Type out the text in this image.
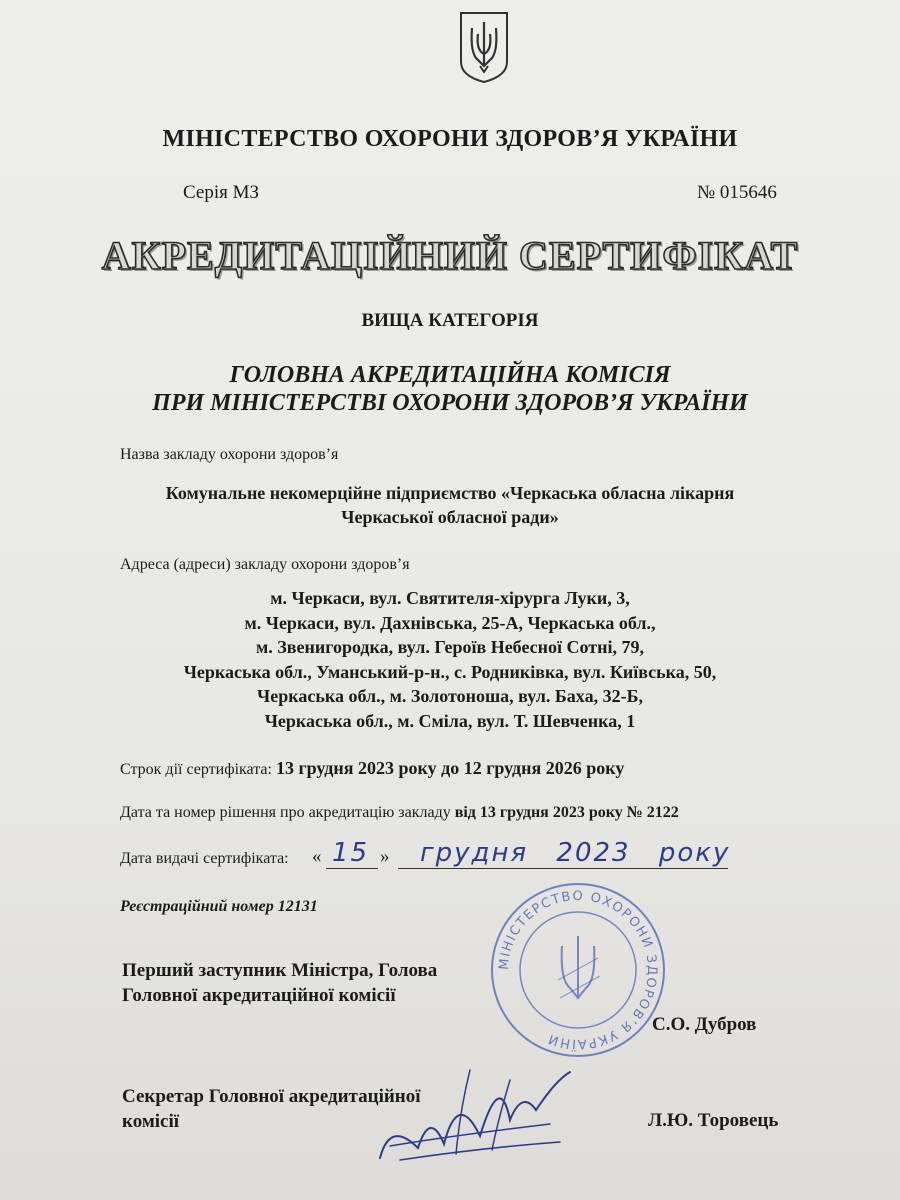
МІНІСТЕРСТВО ОХОРОНИ ЗДОРОВ’Я УКРАЇНИ
Серія МЗ	№ 015646
АКРЕДИТАЦІЙНИЙ СЕРТИФІКАТ
ВИЩА КАТЕГОРІЯ
ГОЛОВНА АКРЕДИТАЦІЙНА КОМІСІЯ
ПРИ МІНІСТЕРСТВІ ОХОРОНИ ЗДОРОВ’Я УКРАЇНИ
Назва закладу охорони здоров’я
Комунальне некомерційне підприємство «Черкаська обласна лікарня
Черкаської обласної ради»
Адреса (адреси) закладу охорони здоров’я
м. Черкаси, вул. Святителя-хірурга Луки, 3,
м. Черкаси, вул. Дахнівська, 25-А, Черкаська обл.,
м. Звенигородка, вул. Героїв Небесної Сотні, 79,
Черкаська обл., Уманський-р-н., с. Родниківка, вул. Київська, 50,
Черкаська обл., м. Золотоноша, вул. Баха, 32-Б,
Черкаська обл., м. Сміла, вул. Т. Шевченка, 1
Строк дії сертифіката: 13 грудня 2023 року до 12 грудня 2026 року
Дата та номер рішення про акредитацію закладу від 13 грудня 2023 року № 2122
Дата видачі сертифіката: « 15 » грудня 2023 року
Реєстраційний номер 12131
МІНІСТЕРСТВО ОХОРОНИ ЗДОРОВ’Я УКРАЇНИ
Перший заступник Міністра, Голова Головної акредитаційної комісії
С.О. Дубров
Секретар Головної акредитаційної комісії	Л.Ю. Торовець
